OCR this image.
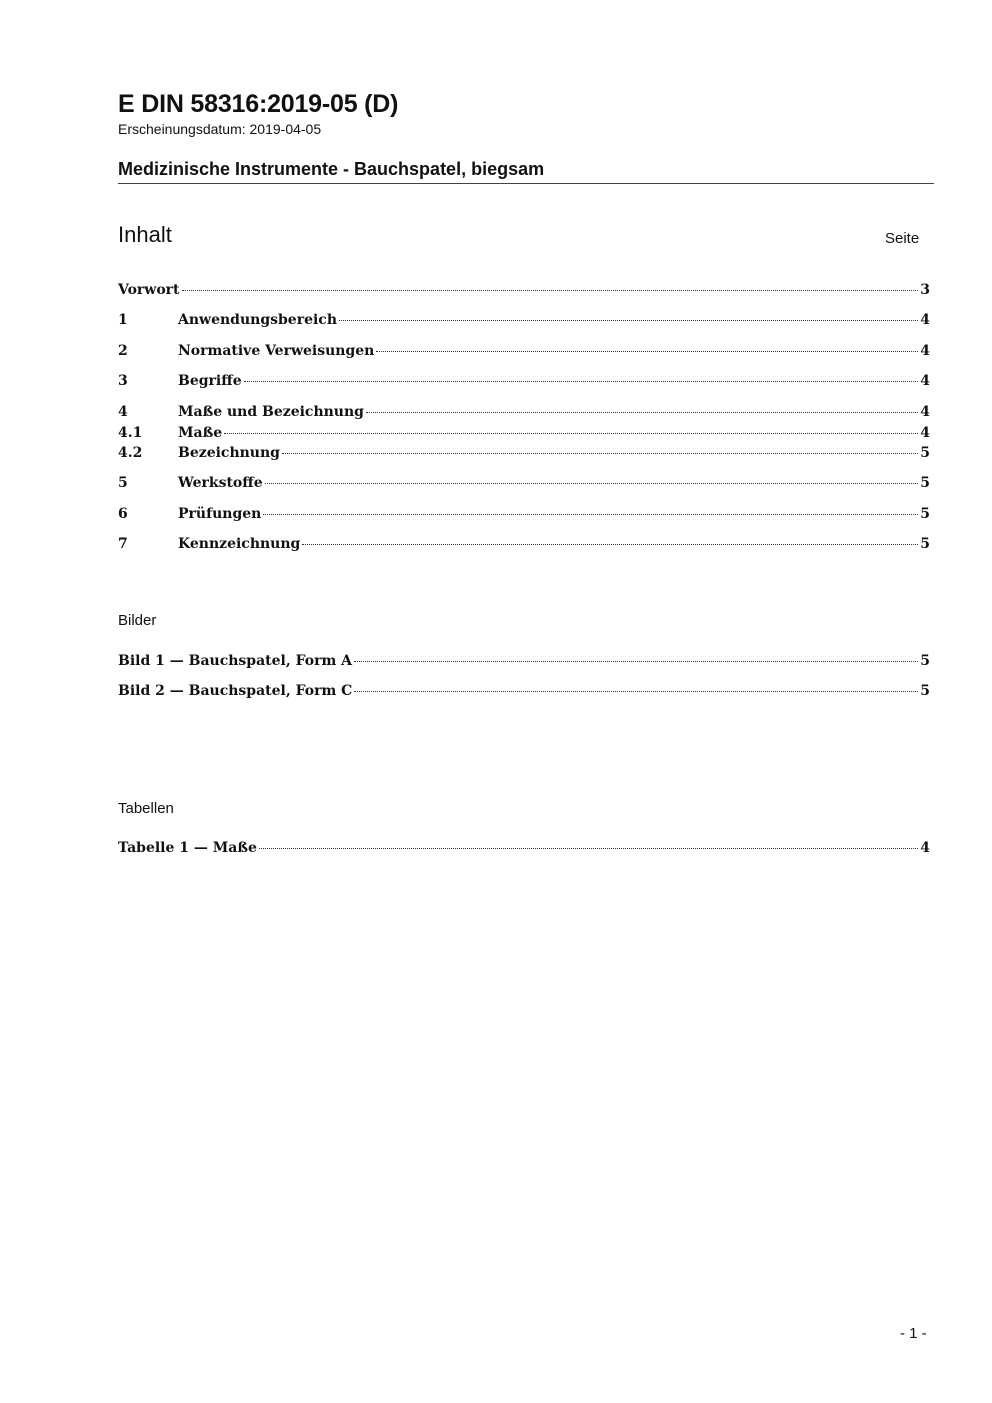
E DIN 58316:2019-05 (D)
Erscheinungsdatum: 2019-04-05
Medizinische Instrumente - Bauchspatel, biegsam
Inhalt	Seite
Vorwort	3
1	Anwendungsbereich	4
2	Normative Verweisungen	4
3	Begriffe	4
4	Maße und Bezeichnung	4
4.1	Maße	4
4.2	Bezeichnung	5
5	Werkstoffe	5
6	Prüfungen	5
7	Kennzeichnung	5
Bilder
Bild 1 — Bauchspatel, Form A	5
Bild 2 — Bauchspatel, Form C	5
Tabellen
Tabelle 1 — Maße	4
- 1 -
